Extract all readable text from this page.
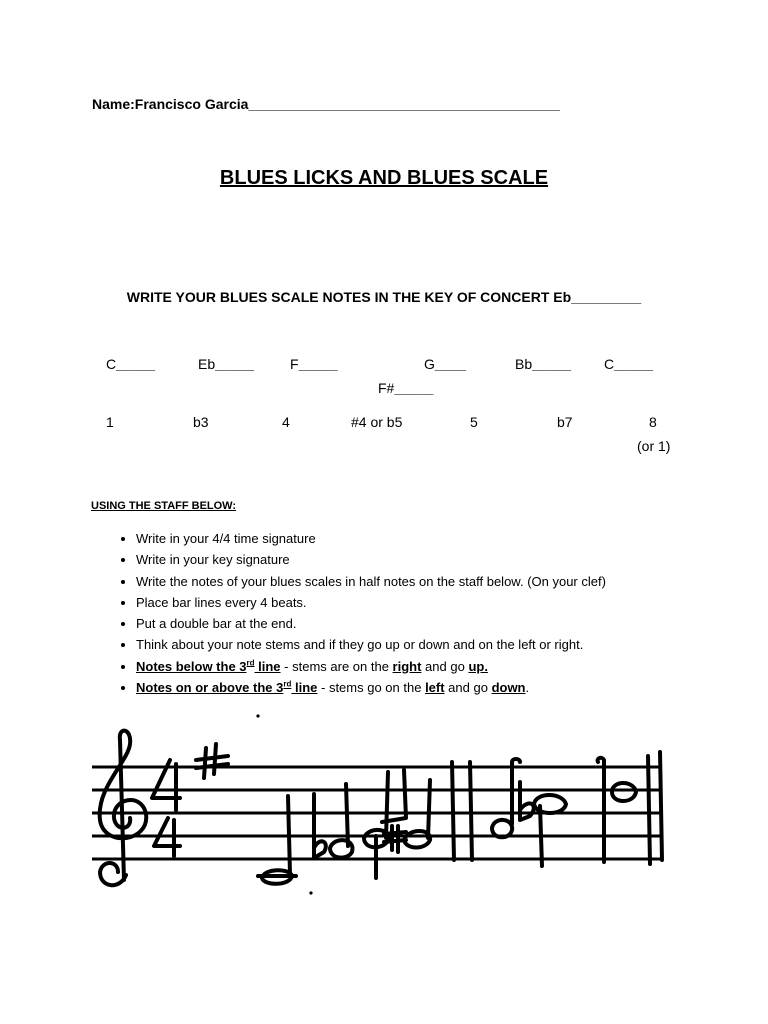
Name:Francisco Garcia________________________________________
BLUES LICKS AND BLUES SCALE
WRITE YOUR BLUES SCALE NOTES IN THE KEY OF CONCERT Eb_________
C_____	Eb_____	F_____
F#_____
G____	Bb_____ C_____
1	b3	4	#4 or b5	5	b7	8
(or 1)
USING THE STAFF BELOW:
• Write in your 4/4 time signature
• Write in your key signature
• Write the notes of your blues scales in half notes on the staff below. (On your clef)
• Place bar lines every 4 beats.
• Put a double bar at the end.
• Think about your note stems and if they go up or down and on the left or right.
• Notes below the 3rd line - stems are on the right and go up.
• Notes on or above the 3rd line - stems go on the left and go down.
